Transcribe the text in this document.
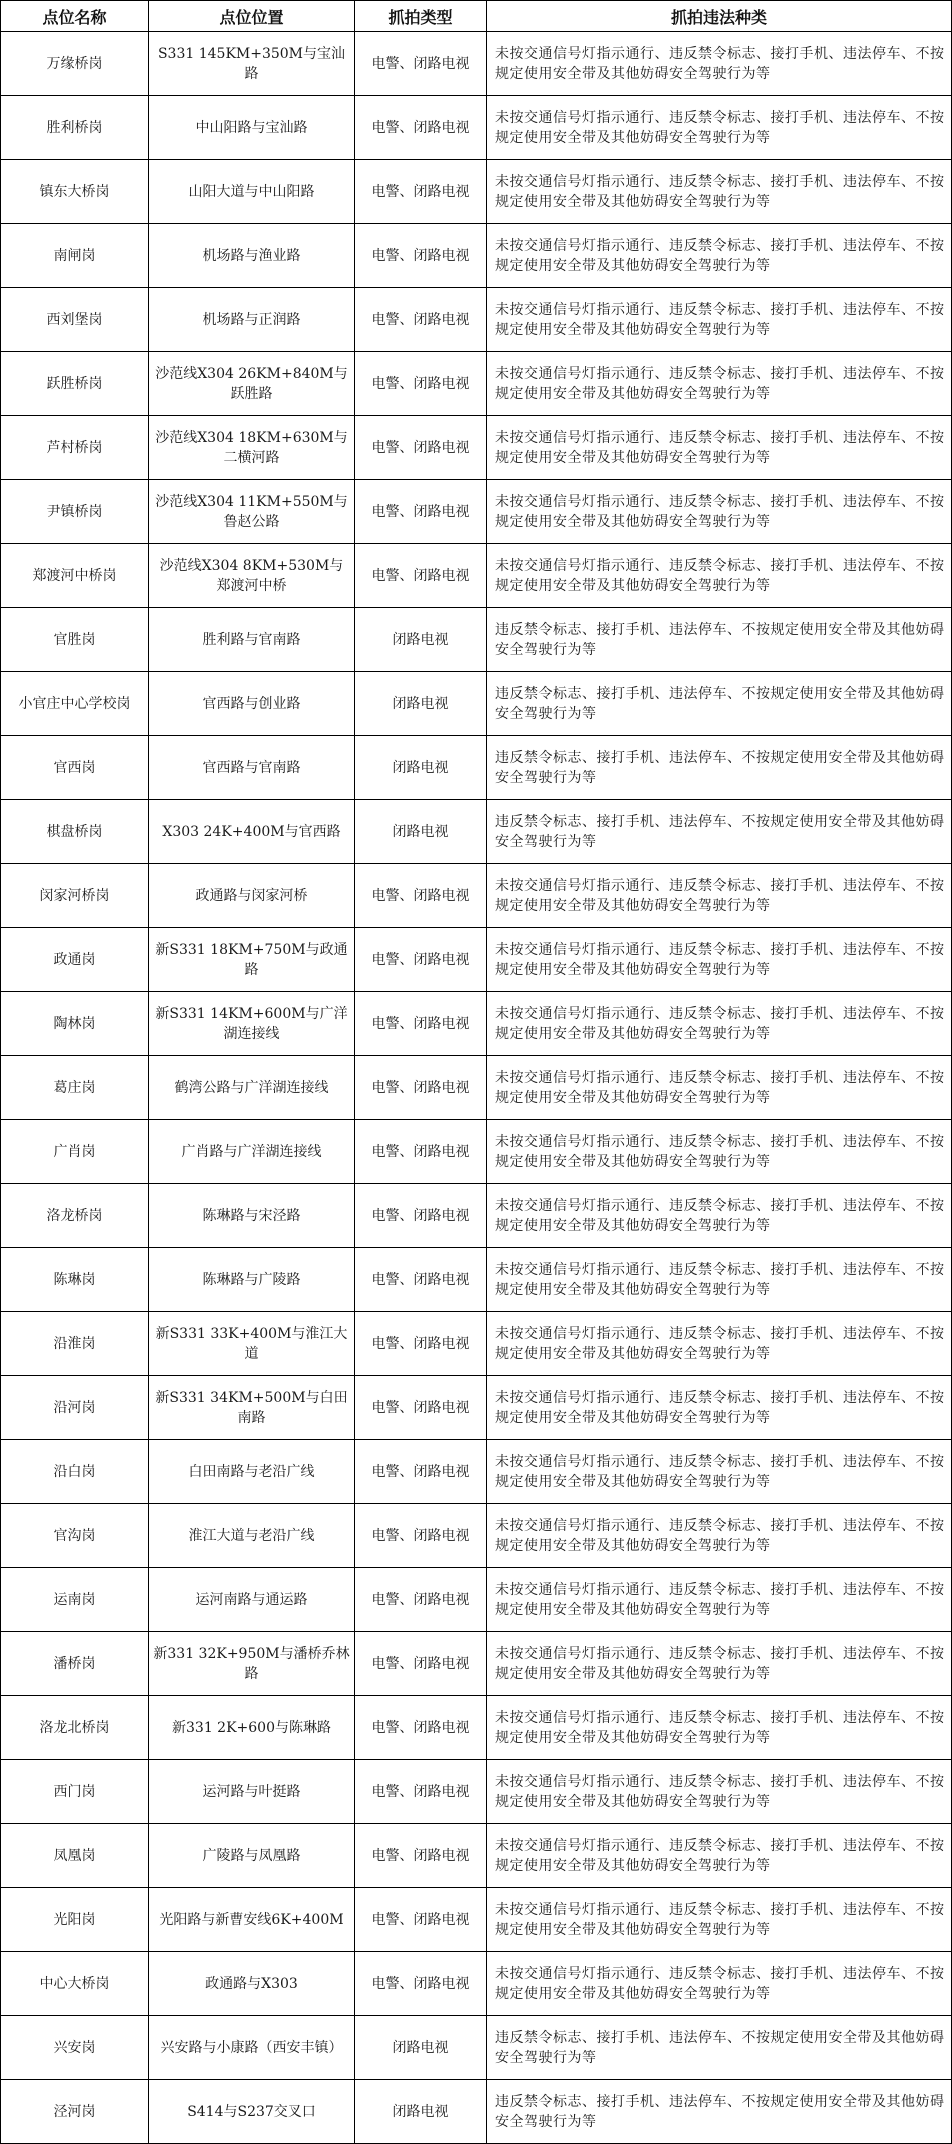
点位名称	点位位置	抓拍类型	抓拍违法种类
万缘桥岗	S331 145KM+350M与宝汕路	电警、闭路电视	未按交通信号灯指示通行、违反禁令标志、接打手机、违法停车、不按规定使用安全带及其他妨碍安全驾驶行为等
胜利桥岗	中山阳路与宝汕路	电警、闭路电视	未按交通信号灯指示通行、违反禁令标志、接打手机、违法停车、不按规定使用安全带及其他妨碍安全驾驶行为等
镇东大桥岗	山阳大道与中山阳路	电警、闭路电视	未按交通信号灯指示通行、违反禁令标志、接打手机、违法停车、不按规定使用安全带及其他妨碍安全驾驶行为等
南闸岗	机场路与渔业路	电警、闭路电视	未按交通信号灯指示通行、违反禁令标志、接打手机、违法停车、不按规定使用安全带及其他妨碍安全驾驶行为等
西刘堡岗	机场路与正润路	电警、闭路电视	未按交通信号灯指示通行、违反禁令标志、接打手机、违法停车、不按规定使用安全带及其他妨碍安全驾驶行为等
跃胜桥岗	沙范线X304 26KM+840M与跃胜路	电警、闭路电视	未按交通信号灯指示通行、违反禁令标志、接打手机、违法停车、不按规定使用安全带及其他妨碍安全驾驶行为等
芦村桥岗	沙范线X304 18KM+630M与二横河路	电警、闭路电视	未按交通信号灯指示通行、违反禁令标志、接打手机、违法停车、不按规定使用安全带及其他妨碍安全驾驶行为等
尹镇桥岗	沙范线X304 11KM+550M与鲁赵公路	电警、闭路电视	未按交通信号灯指示通行、违反禁令标志、接打手机、违法停车、不按规定使用安全带及其他妨碍安全驾驶行为等
郑渡河中桥岗	沙范线X304 8KM+530M与郑渡河中桥	电警、闭路电视	未按交通信号灯指示通行、违反禁令标志、接打手机、违法停车、不按规定使用安全带及其他妨碍安全驾驶行为等
官胜岗	胜利路与官南路	闭路电视	违反禁令标志、接打手机、违法停车、不按规定使用安全带及其他妨碍安全驾驶行为等
小官庄中心学校岗	官西路与创业路	闭路电视	违反禁令标志、接打手机、违法停车、不按规定使用安全带及其他妨碍安全驾驶行为等
官西岗	官西路与官南路	闭路电视	违反禁令标志、接打手机、违法停车、不按规定使用安全带及其他妨碍安全驾驶行为等
棋盘桥岗	X303 24K+400M与官西路	闭路电视	违反禁令标志、接打手机、违法停车、不按规定使用安全带及其他妨碍安全驾驶行为等
闵家河桥岗	政通路与闵家河桥	电警、闭路电视	未按交通信号灯指示通行、违反禁令标志、接打手机、违法停车、不按规定使用安全带及其他妨碍安全驾驶行为等
政通岗	新S331 18KM+750M与政通路	电警、闭路电视	未按交通信号灯指示通行、违反禁令标志、接打手机、违法停车、不按规定使用安全带及其他妨碍安全驾驶行为等
陶林岗	新S331 14KM+600M与广洋湖连接线	电警、闭路电视	未按交通信号灯指示通行、违反禁令标志、接打手机、违法停车、不按规定使用安全带及其他妨碍安全驾驶行为等
葛庄岗	鹤湾公路与广洋湖连接线	电警、闭路电视	未按交通信号灯指示通行、违反禁令标志、接打手机、违法停车、不按规定使用安全带及其他妨碍安全驾驶行为等
广肖岗	广肖路与广洋湖连接线	电警、闭路电视	未按交通信号灯指示通行、违反禁令标志、接打手机、违法停车、不按规定使用安全带及其他妨碍安全驾驶行为等
洛龙桥岗	陈琳路与宋泾路	电警、闭路电视	未按交通信号灯指示通行、违反禁令标志、接打手机、违法停车、不按规定使用安全带及其他妨碍安全驾驶行为等
陈琳岗	陈琳路与广陵路	电警、闭路电视	未按交通信号灯指示通行、违反禁令标志、接打手机、违法停车、不按规定使用安全带及其他妨碍安全驾驶行为等
沿淮岗	新S331 33K+400M与淮江大道	电警、闭路电视	未按交通信号灯指示通行、违反禁令标志、接打手机、违法停车、不按规定使用安全带及其他妨碍安全驾驶行为等
沿河岗	新S331 34KM+500M与白田南路	电警、闭路电视	未按交通信号灯指示通行、违反禁令标志、接打手机、违法停车、不按规定使用安全带及其他妨碍安全驾驶行为等
沿白岗	白田南路与老沿广线	电警、闭路电视	未按交通信号灯指示通行、违反禁令标志、接打手机、违法停车、不按规定使用安全带及其他妨碍安全驾驶行为等
官沟岗	淮江大道与老沿广线	电警、闭路电视	未按交通信号灯指示通行、违反禁令标志、接打手机、违法停车、不按规定使用安全带及其他妨碍安全驾驶行为等
运南岗	运河南路与通运路	电警、闭路电视	未按交通信号灯指示通行、违反禁令标志、接打手机、违法停车、不按规定使用安全带及其他妨碍安全驾驶行为等
潘桥岗	新331 32K+950M与潘桥乔林路	电警、闭路电视	未按交通信号灯指示通行、违反禁令标志、接打手机、违法停车、不按规定使用安全带及其他妨碍安全驾驶行为等
洛龙北桥岗	新331 2K+600与陈琳路	电警、闭路电视	未按交通信号灯指示通行、违反禁令标志、接打手机、违法停车、不按规定使用安全带及其他妨碍安全驾驶行为等
西门岗	运河路与叶挺路	电警、闭路电视	未按交通信号灯指示通行、违反禁令标志、接打手机、违法停车、不按规定使用安全带及其他妨碍安全驾驶行为等
凤凰岗	广陵路与凤凰路	电警、闭路电视	未按交通信号灯指示通行、违反禁令标志、接打手机、违法停车、不按规定使用安全带及其他妨碍安全驾驶行为等
光阳岗	光阳路与新曹安线6K+400M	电警、闭路电视	未按交通信号灯指示通行、违反禁令标志、接打手机、违法停车、不按规定使用安全带及其他妨碍安全驾驶行为等
中心大桥岗	政通路与X303	电警、闭路电视	未按交通信号灯指示通行、违反禁令标志、接打手机、违法停车、不按规定使用安全带及其他妨碍安全驾驶行为等
兴安岗	兴安路与小康路（西安丰镇）	闭路电视	违反禁令标志、接打手机、违法停车、不按规定使用安全带及其他妨碍安全驾驶行为等
泾河岗	S414与S237交叉口	闭路电视	违反禁令标志、接打手机、违法停车、不按规定使用安全带及其他妨碍安全驾驶行为等
